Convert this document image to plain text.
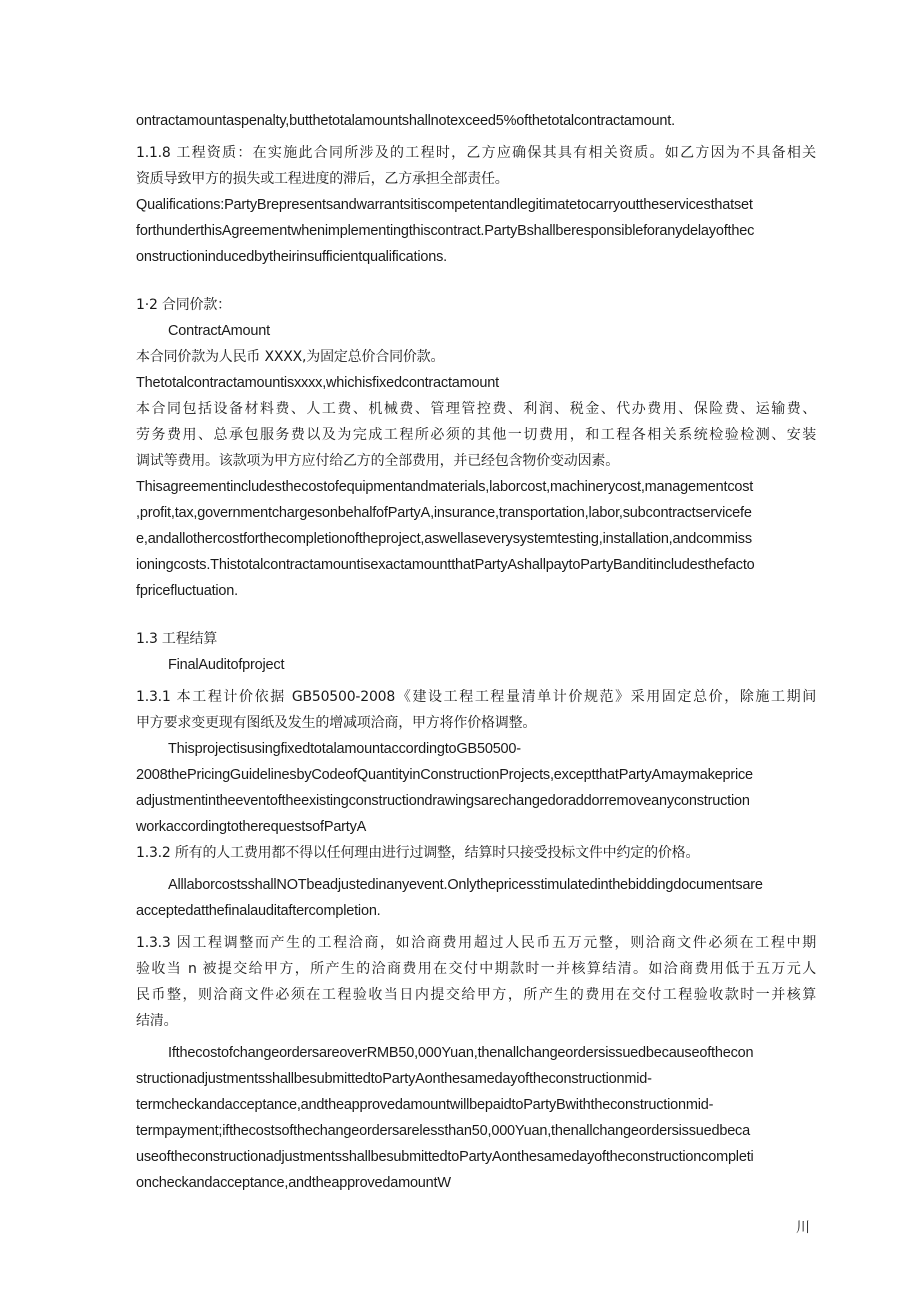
ontractamountaspenalty,butthetotalamountshallnotexceed5%ofthetotalcontractamount.
1.1.8 工程资质：在实施此合同所涉及的工程时，乙方应确保其具有相关资质。如乙方因为不具备相关
资质导致甲方的损失或工程进度的滞后，乙方承担全部责任。
Qualifications:PartyBrepresentsandwarrantsitiscompetentandlegitimatetocarryouttheservicesthatset
forthunderthisAgreementwhenimplementingthiscontract.PartyBshallberesponsibleforanydelayofthec
onstructioninducedbytheirinsufficientqualifications.
1·2 合同价款：
ContractAmount
本合同价款为人民币 XXXX,为固定总价合同价款。
Thetotalcontractamountisxxxx,whichisfixedcontractamount
本合同包括设备材料费、人工费、机械费、管理管控费、利润、税金、代办费用、保险费、运输费、
劳务费用、总承包服务费以及为完成工程所必须的其他一切费用，和工程各相关系统检验检测、安装
调试等费用。该款项为甲方应付给乙方的全部费用，并已经包含物价变动因素。
Thisagreementincludesthecostofequipmentandmaterials,laborcost,machinerycost,managementcost
,profit,tax,governmentchargesonbehalfofPartyA,insurance,transportation,labor,subcontractservicefe
e,andallothercostforthecompletionoftheproject,aswellaseverysystemtesting,installation,andcommiss
ioningcosts.ThistotalcontractamountisexactamountthatPartyAshallpaytoPartyBanditincludesthefacto
fpricefluctuation.
1.3 工程结算
FinalAuditofproject
1.3.1 本工程计价依据 GB50500-2008《建设工程工程量清单计价规范》采用固定总价，除施工期间
甲方要求变更现有图纸及发生的增减项洽商，甲方将作价格调整。
ThisprojectisusingfixedtotalamountaccordingtoGB50500-
2008thePricingGuidelinesbyCodeofQuantityinConstructionProjects,exceptthatPartyAmaymakeprice
adjustmentintheeventoftheexistingconstructiondrawingsarechangedoraddorremoveanyconstruction
workaccordingtotherequestsofPartyA
1.3.2 所有的人工费用都不得以任何理由进行过调整，结算时只接受投标文件中约定的价格。
AlllaborcostsshallNOTbeadjustedinanyevent.Onlythepricesstimulatedinthebiddingdocumentsare
acceptedatthefinalauditaftercompletion.
1.3.3 因工程调整而产生的工程洽商，如洽商费用超过人民币五万元整，则洽商文件必须在工程中期
验收当 n 被提交给甲方，所产生的洽商费用在交付中期款时一并核算结清。如洽商费用低于五万元人
民币整，则洽商文件必须在工程验收当日内提交给甲方，所产生的费用在交付工程验收款时一并核算
结清。
IfthecostofchangeordersareoverRMB50,000Yuan,thenallchangeordersissuedbecauseofthecon
structionadjustmentsshallbesubmittedtoPartyAonthesamedayoftheconstructionmid-
termcheckandacceptance,andtheapprovedamountwillbepaidtoPartyBwiththeconstructionmid-
termpayment;ifthecostsofthechangeordersarelessthan50,000Yuan,thenallchangeordersissuedbeca
useoftheconstructionadjustmentsshallbesubmittedtoPartyAonthesamedayoftheconstructioncompleti
oncheckandacceptance,andtheapprovedamountW
川
